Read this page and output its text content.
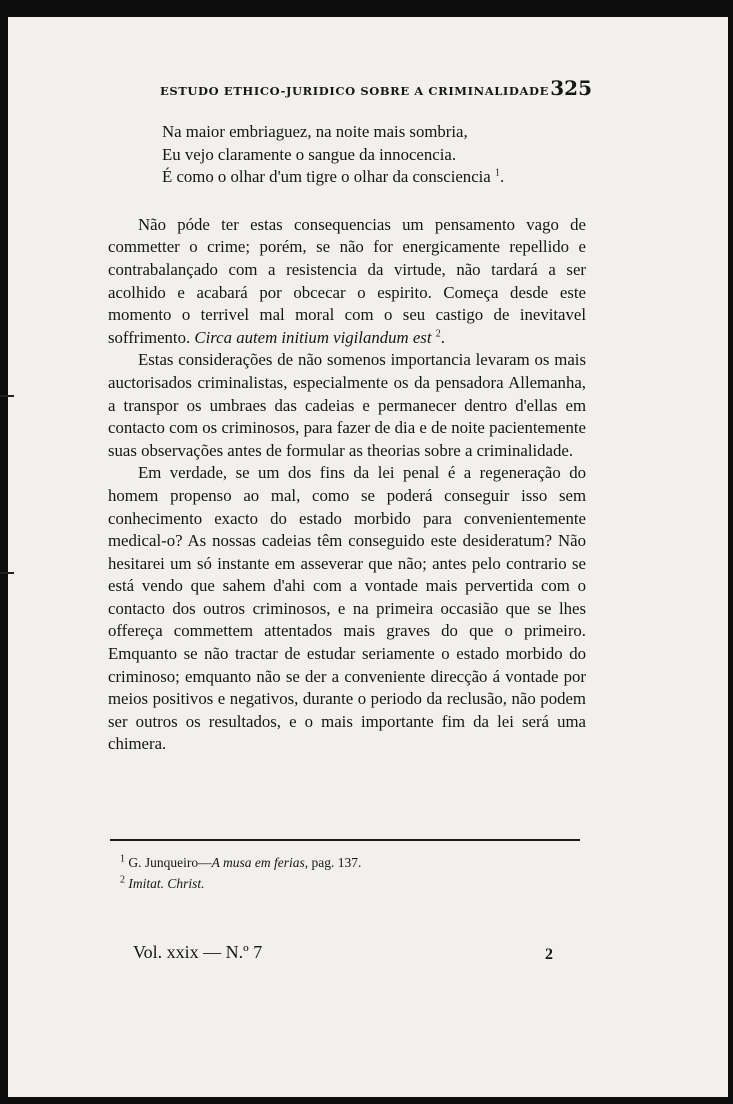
ESTUDO ETHICO-JURIDICO SOBRE A CRIMINALIDADE 325
Na maior embriaguez, na noite mais sombria,
Eu vejo claramente o sangue da innocencia.
É como o olhar d'um tigre o olhar da consciencia $^1$.

Não póde ter estas consequencias um pensamento vago de commetter o crime; porém, se não for energicamente repellido e contrabalançado com a resistencia da virtude, não tardará a ser acolhido e acabará por obcecar o espirito. Começa desde este momento o terrivel mal moral com o seu castigo de inevitavel soffrimento. Circa autem initium vigilandum est $^2$.

Estas considerações de não somenos importancia levaram os mais auctorisados criminalistas, especialmente os da pensadora Allemanha, a transpor os umbraes das cadeias e permanecer dentro d'ellas em contacto com os criminosos, para fazer de dia e de noite pacientemente suas observações antes de formular as theorias sobre a criminalidade.

Em verdade, se um dos fins da lei penal é a regeneração do homem propenso ao mal, como se poderá conseguir isso sem conhecimento exacto do estado morbido para convenientemente medical-o? As nossas cadeias têm conseguido este desideratum? Não hesitarei um só instante em asseverar que não; antes pelo contrario se está vendo que sahem d'ahi com a vontade mais pervertida com o contacto dos outros criminosos, e na primeira occasião que se lhes offereça commettem attentados mais graves do que o primeiro. Emquanto se não tractar de estudar seriamente o estado morbido do criminoso; emquanto não se der a conveniente direcção á vontade por meios positivos e negativos, durante o periodo da reclusão, não podem ser outros os resultados, e o mais importante fim da lei será uma chimera.

$^1$ G. Junqueiro—A musa em ferias, pag. 137.

$^2$ Imitat. Christ.

Vol. xxix — N.º 7	2
